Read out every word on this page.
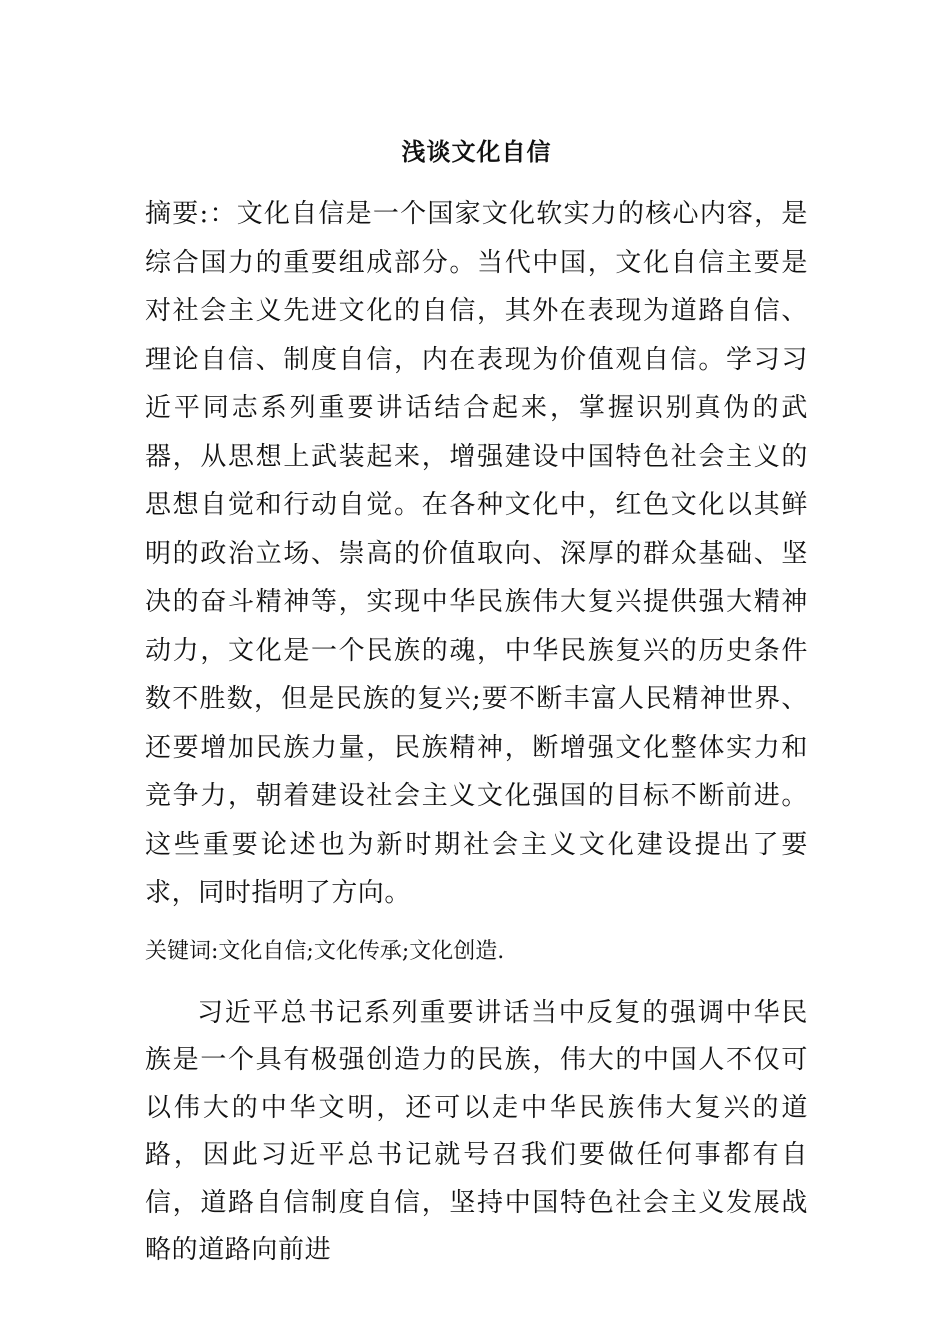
浅谈文化自信

摘要:：文化自信是一个国家文化软实力的核心内容，是综合国力的重要组成部分。当代中国，文化自信主要是对社会主义先进文化的自信，其外在表现为道路自信、理论自信、制度自信，内在表现为价值观自信。学习习近平同志系列重要讲话结合起来，掌握识别真伪的武器，从思想上武装起来，增强建设中国特色社会主义的思想自觉和行动自觉。在各种文化中，红色文化以其鲜明的政治立场、崇高的价值取向、深厚的群众基础、坚决的奋斗精神等，实现中华民族伟大复兴提供强大精神动力，文化是一个民族的魂，中华民族复兴的历史条件数不胜数，但是民族的复兴;要不断丰富人民精神世界、还要增加民族力量，民族精神，断增强文化整体实力和竞争力，朝着建设社会主义文化强国的目标不断前进。这些重要论述也为新时期社会主义文化建设提出了要求，同时指明了方向。

关键词:文化自信;文化传承;文化创造.

习近平总书记系列重要讲话当中反复的强调中华民族是一个具有极强创造力的民族，伟大的中国人不仅可以伟大的中华文明，还可以走中华民族伟大复兴的道路，因此习近平总书记就号召我们要做任何事都有自信，道路自信制度自信，坚持中国特色社会主义发展战略的道路向前进
